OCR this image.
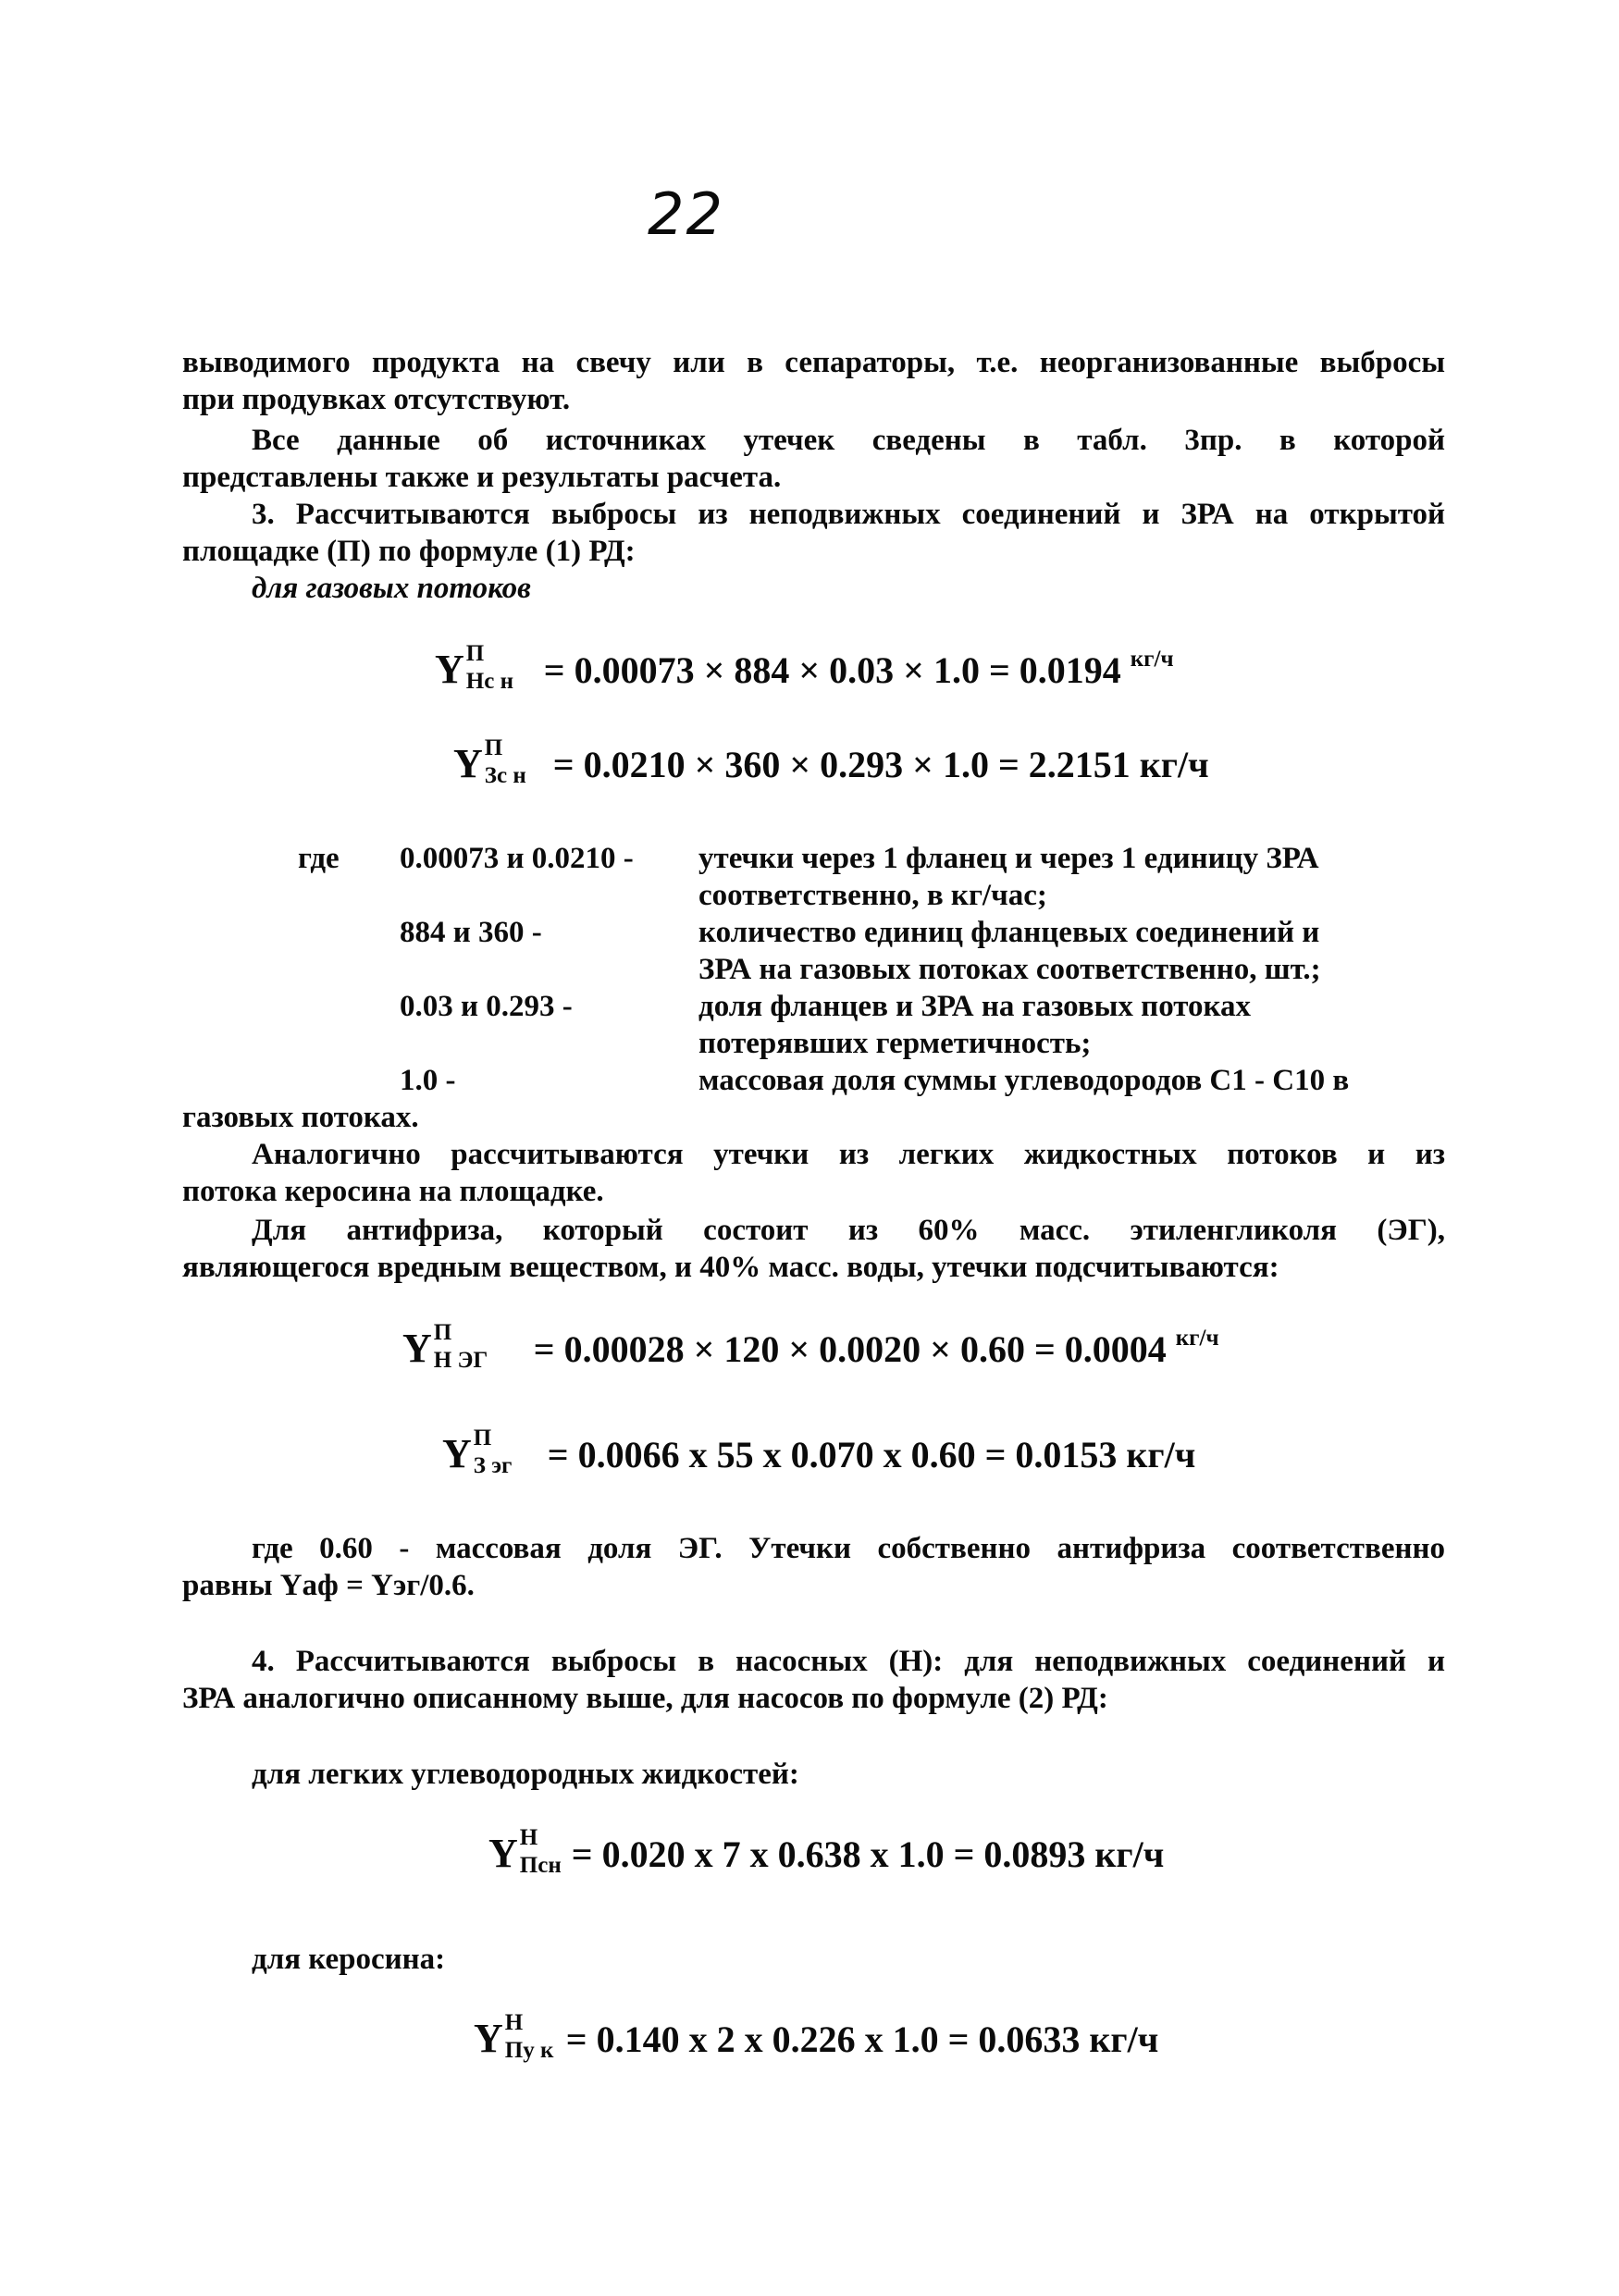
22
выводимого продукта на свечу или в сепараторы, т.е. неорганизованные выбросы
при продувках отсутствуют.
Все данные об источниках утечек сведены в табл. 3пр. в которой
представлены также и результаты расчета.
3. Рассчитываются выбросы из неподвижных соединений и ЗРА на открытой
площадке (П) по формуле (1) РД:
для газовых потоков
Y П
Нс н = 0.00073 × 884 × 0.03 × 1.0 = 0.0194 $^{кг/ч}$
Y П
Зс н = 0.0210 × 360 × 0.293 × 1.0 = 2.2151 кг/ч
где 0.00073 и 0.0210 - утечки через 1 фланец и через 1 единицу ЗРА
соответственно, в кг/час;
884 и 360 -	количество единиц фланцевых соединений и
ЗРА на газовых потоках соответственно, шт.;
0.03 и 0.293 -	доля фланцев и ЗРА на газовых потоках
потерявших герметичность;
1.0 -	массовая доля суммы углеводородов С1 - С10 в
газовых потоках.
Аналогично рассчитываются утечки из легких жидкостных потоков и из
потока керосина на площадке.
Для антифриза, который состоит из 60% масс. этиленгликоля (ЭГ),
являющегося вредным веществом, и 40% масс. воды, утечки подсчитываются:
Y П
Н ЭГ = 0.00028 × 120 × 0.0020 × 0.60 = 0.0004 $^{кг/ч}$
Y П
З эг = 0.0066 х 55 х 0.070 х 0.60 = 0.0153 кг/ч
где 0.60 - массовая доля ЭГ. Утечки собственно антифриза соответственно
равны Yаф = Yэг/0.6.
4. Рассчитываются выбросы в насосных (Н): для неподвижных соединений и
ЗРА аналогично описанному выше, для насосов по формуле (2) РД:
для легких углеводородных жидкостей:
Y Н
Псн = 0.020 х 7 х 0.638 х 1.0 = 0.0893 кг/ч
для керосина:
Y Н
Пу к = 0.140 х 2 х 0.226 х 1.0 = 0.0633 кг/ч
